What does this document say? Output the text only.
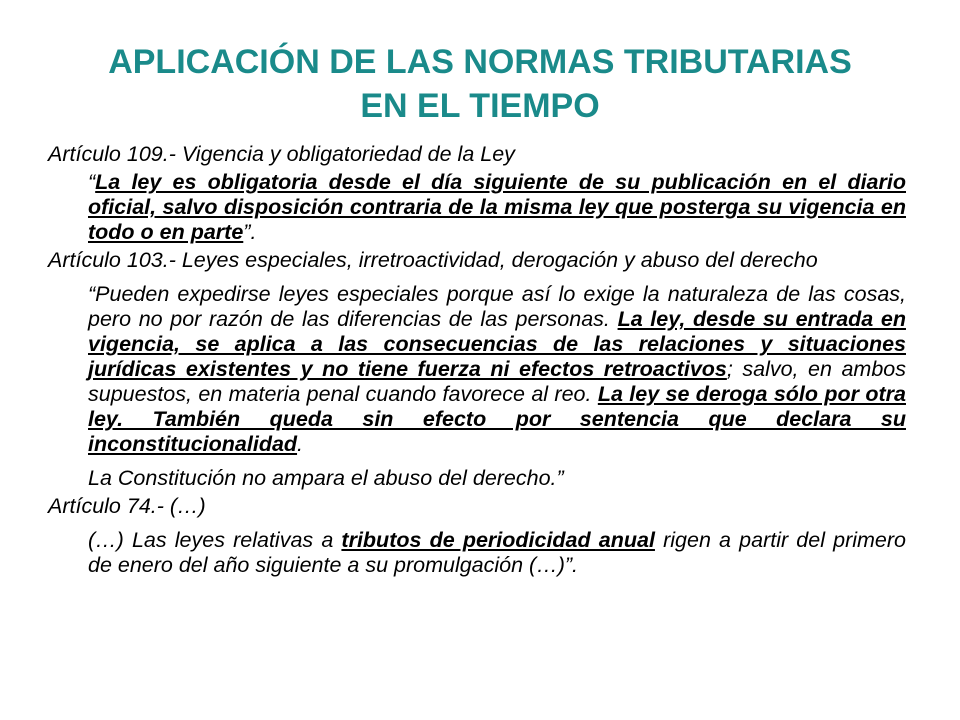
APLICACIÓN DE LAS NORMAS TRIBUTARIAS
EN EL TIEMPO

Artículo 109.- Vigencia y obligatoriedad de la Ley

“La ley es obligatoria desde el día siguiente de su publicación en el diario oficial, salvo disposición contraria de la misma ley que posterga su vigencia en todo o en parte”.

Artículo 103.- Leyes especiales, irretroactividad, derogación y abuso del derecho

“Pueden expedirse leyes especiales porque así lo exige la naturaleza de las cosas, pero no por razón de las diferencias de las personas. La ley, desde su entrada en vigencia, se aplica a las consecuencias de las relaciones y situaciones jurídicas existentes y no tiene fuerza ni efectos retroactivos; salvo, en ambos supuestos, en materia penal cuando favorece al reo. La ley se deroga sólo por otra ley. También queda sin efecto por sentencia que declara su inconstitucionalidad.

La Constitución no ampara el abuso del derecho.”

Artículo 74.- (…)

(…) Las leyes relativas a tributos de periodicidad anual rigen a partir del primero de enero del año siguiente a su promulgación (…)”.
